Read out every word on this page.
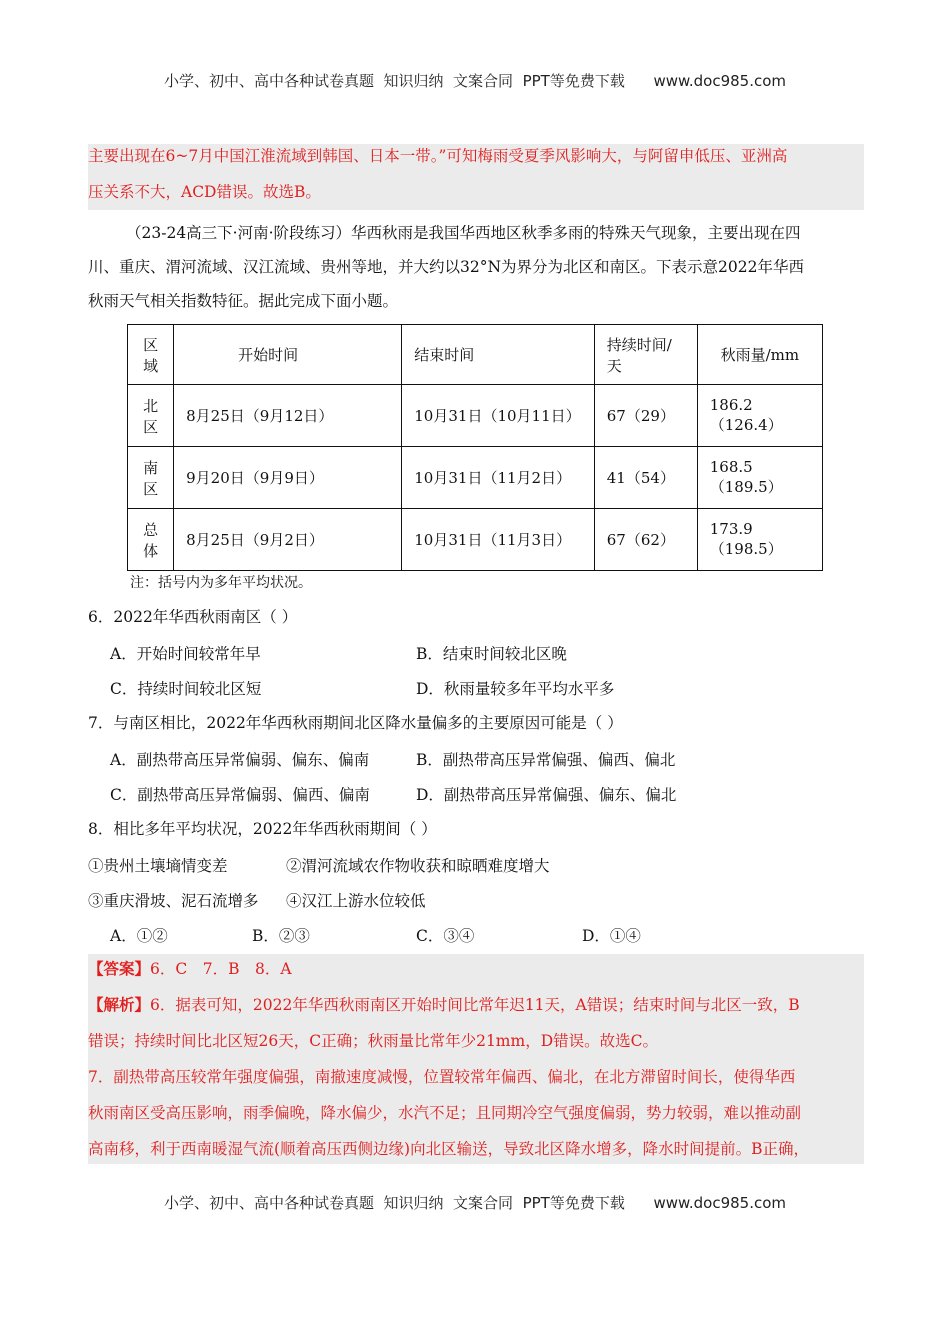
小学、初中、高中各种试卷真题  知识归纳  文案合同  PPT等免费下载      www.doc985.com
主要出现在6~7月中国江淮流域到韩国、日本一带。”可知梅雨受夏季风影响大，与阿留申低压、亚洲高
压关系不大，ACD错误。故选B。
（23-24高三下·河南·阶段练习）华西秋雨是我国华西地区秋季多雨的特殊天气现象，主要出现在四
川、重庆、渭河流域、汉江流域、贵州等地，并大约以32°N为界分为北区和南区。下表示意2022年华西
秋雨天气相关指数特征。据此完成下面小题。
区域	开始时间	结束时间	持续时间/天	秋雨量/mm
北区	8月25日（9月12日）	10月31日（10月11日）	67（29）	186.2（126.4）
南区	9月20日（9月9日）	10月31日（11月2日）	41（54）	168.5（189.5）
总体	8月25日（9月2日）	10月31日（11月3日）	67（62）	173.9（198.5）
注：括号内为多年平均状况。
6．2022年华西秋雨南区（ ）
A．开始时间较常年早	B．结束时间较北区晚
C．持续时间较北区短	D．秋雨量较多年平均水平多
7．与南区相比，2022年华西秋雨期间北区降水量偏多的主要原因可能是（ ）
A．副热带高压异常偏弱、偏东、偏南	B．副热带高压异常偏强、偏西、偏北
C．副热带高压异常偏弱、偏西、偏南	D．副热带高压异常偏强、偏东、偏北
8．相比多年平均状况，2022年华西秋雨期间（ ）
①贵州土壤墒情变差	②渭河流域农作物收获和晾晒难度增大
③重庆滑坡、泥石流增多 ④汉江上游水位较低
A．①②	B．②③	C．③④	D．①④
【答案】6．C　7．B　8．A
【解析】6．据表可知，2022年华西秋雨南区开始时间比常年迟11天，A错误；结束时间与北区一致，B
错误；持续时间比北区短26天，C正确；秋雨量比常年少21mm，D错误。故选C。
7．副热带高压较常年强度偏强，南撤速度减慢，位置较常年偏西、偏北，在北方滞留时间长，使得华西
秋雨南区受高压影响，雨季偏晚，降水偏少，水汽不足；且同期冷空气强度偏弱，势力较弱，难以推动副
高南移，利于西南暖湿气流(顺着高压西侧边缘)向北区输送，导致北区降水增多，降水时间提前。B正确，
小学、初中、高中各种试卷真题  知识归纳  文案合同  PPT等免费下载      www.doc985.com
